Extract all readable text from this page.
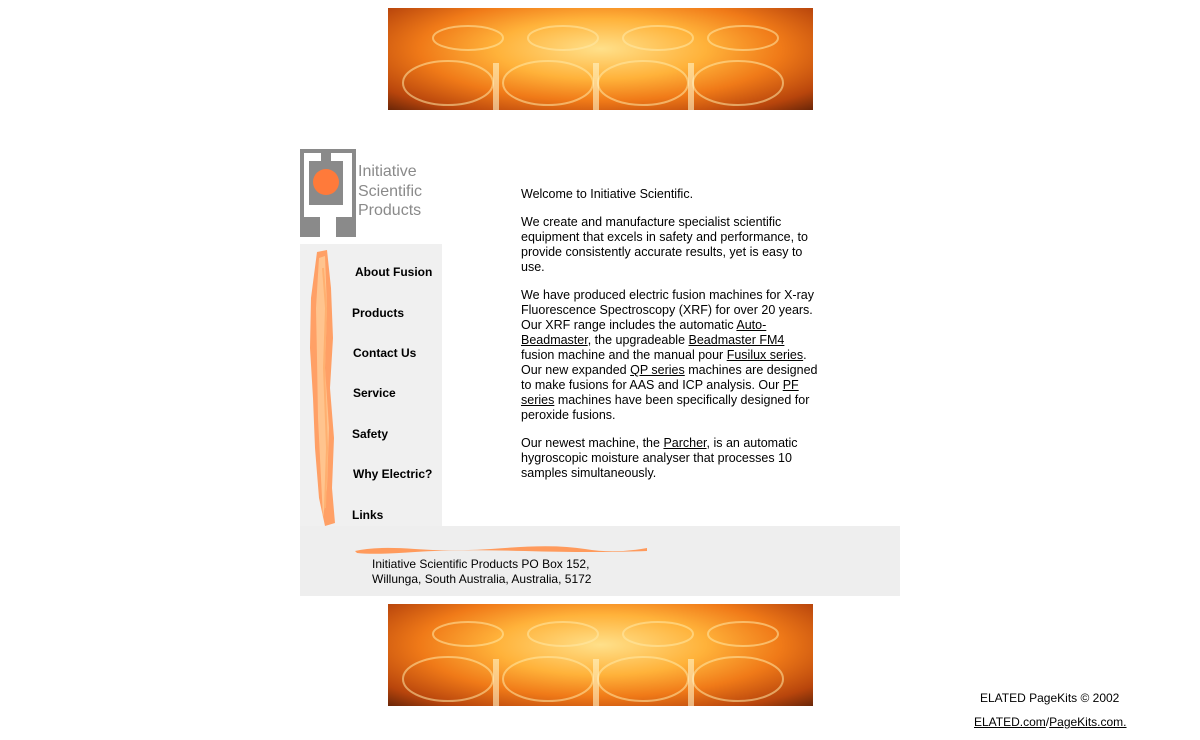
Initiative
Scientific
Products
About Fusion
Products
Contact Us
Service
Safety
Why Electric?
Links

Welcome to Initiative Scientific.

We create and manufacture specialist scientific equipment that excels in safety and performance, to provide consistently accurate results, yet is easy to use.

We have produced electric fusion machines for X-ray Fluorescence Spectroscopy (XRF) for over 20 years. Our XRF range includes the automatic Auto-Beadmaster, the upgradeable Beadmaster FM4 fusion machine and the manual pour Fusilux series. Our new expanded QP series machines are designed to make fusions for AAS and ICP analysis. Our PF series machines have been specifically designed for peroxide fusions.

Our newest machine, the Parcher, is an automatic hygroscopic moisture analyser that processes 10 samples simultaneously.

Initiative Scientific Products PO Box 152,
Willunga, South Australia, Australia, 5172
ELATED PageKits © 2002
ELATED.com/PageKits.com.
